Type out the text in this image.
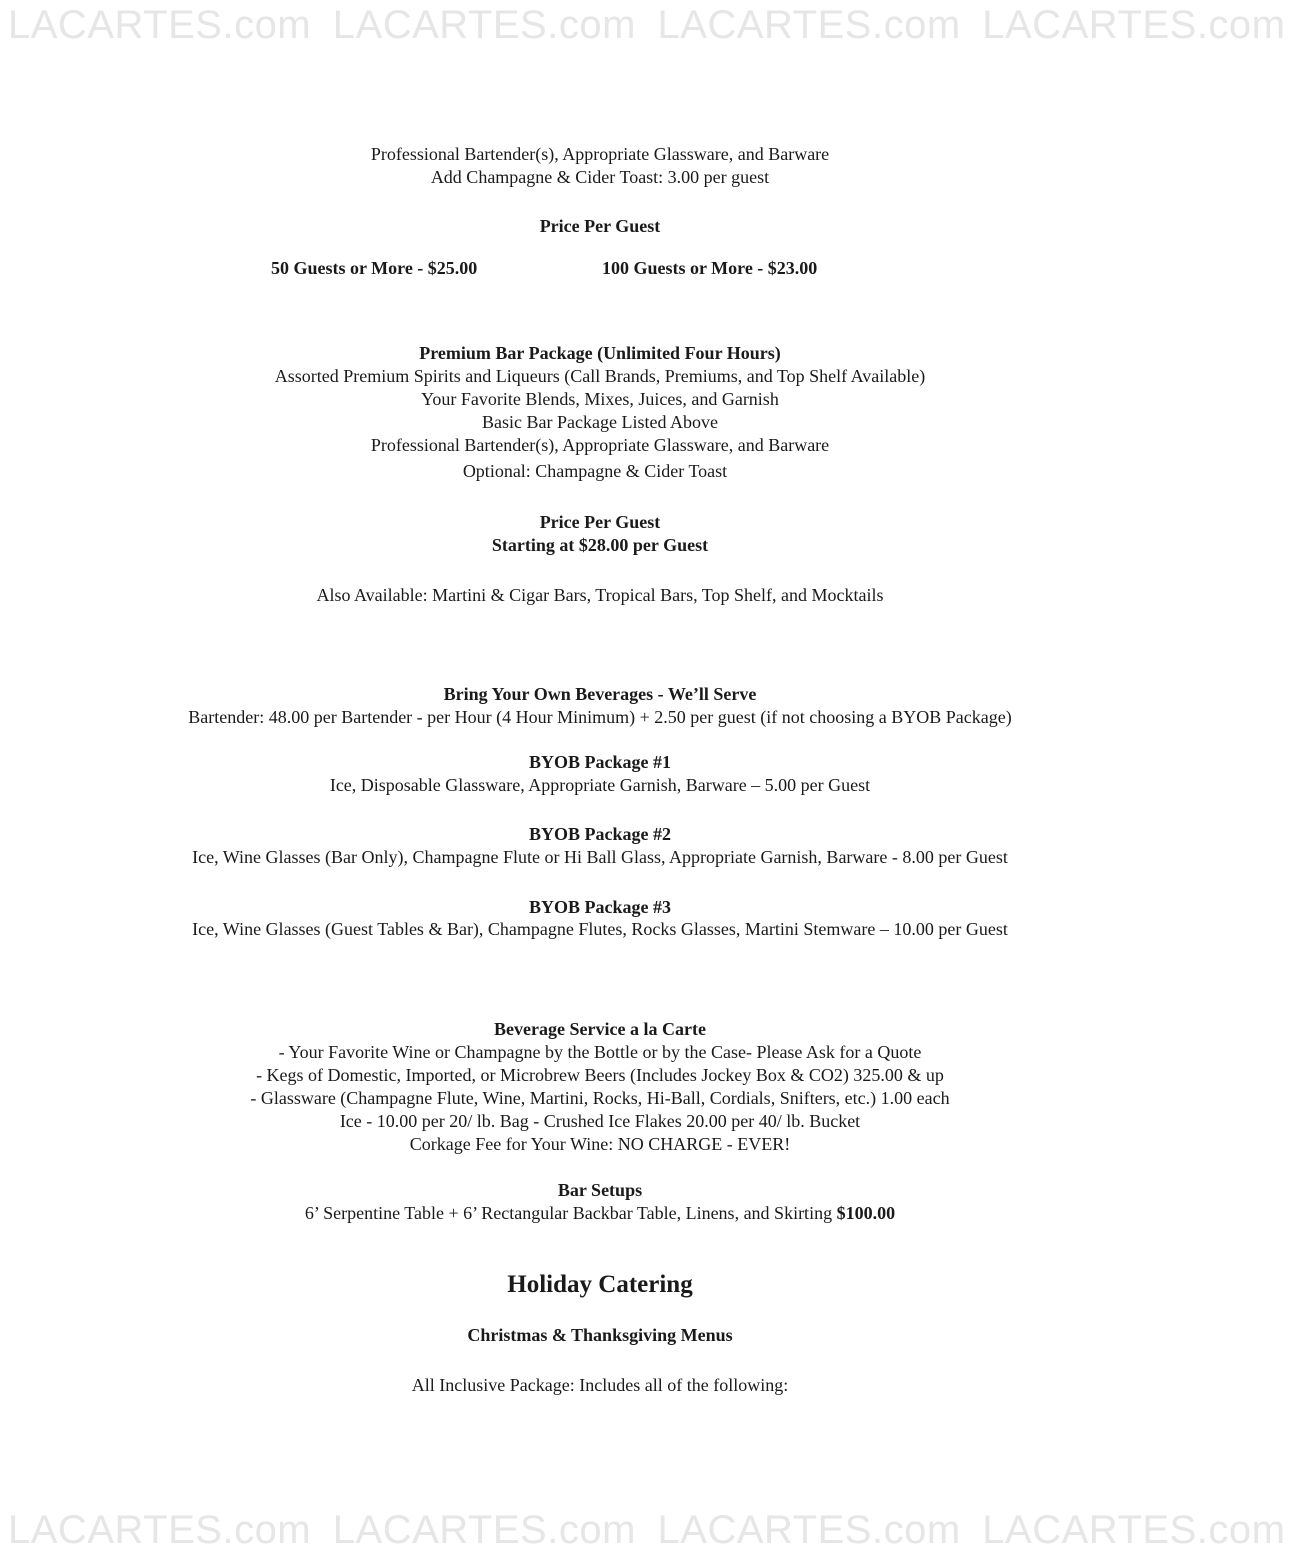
LACARTES.com LACARTES.com LACARTES.com LACARTES.com
Professional Bartender(s), Appropriate Glassware, and Barware
Add Champagne & Cider Toast: 3.00 per guest
Price Per Guest
50 Guests or More - $25.00	100 Guests or More - $23.00
Premium Bar Package (Unlimited Four Hours)
Assorted Premium Spirits and Liqueurs (Call Brands, Premiums, and Top Shelf Available)
Your Favorite Blends, Mixes, Juices, and Garnish
Basic Bar Package Listed Above
Professional Bartender(s), Appropriate Glassware, and Barware
Optional: Champagne & Cider Toast
Price Per Guest
Starting at $28.00 per Guest
Also Available: Martini & Cigar Bars, Tropical Bars, Top Shelf, and Mocktails
Bring Your Own Beverages - We’ll Serve
Bartender: 48.00 per Bartender - per Hour (4 Hour Minimum) + 2.50 per guest (if not choosing a BYOB Package)
BYOB Package #1
Ice, Disposable Glassware, Appropriate Garnish, Barware – 5.00 per Guest
BYOB Package #2
Ice, Wine Glasses (Bar Only), Champagne Flute or Hi Ball Glass, Appropriate Garnish, Barware - 8.00 per Guest
BYOB Package #3
Ice, Wine Glasses (Guest Tables & Bar), Champagne Flutes, Rocks Glasses, Martini Stemware – 10.00 per Guest
Beverage Service a la Carte
- Your Favorite Wine or Champagne by the Bottle or by the Case- Please Ask for a Quote
- Kegs of Domestic, Imported, or Microbrew Beers (Includes Jockey Box & CO2) 325.00 & up
- Glassware (Champagne Flute, Wine, Martini, Rocks, Hi-Ball, Cordials, Snifters, etc.) 1.00 each
Ice - 10.00 per 20/ lb. Bag - Crushed Ice Flakes 20.00 per 40/ lb. Bucket
Corkage Fee for Your Wine: NO CHARGE - EVER!
Bar Setups
6’ Serpentine Table + 6’ Rectangular Backbar Table, Linens, and Skirting $100.00
Holiday Catering
Christmas & Thanksgiving Menus
All Inclusive Package: Includes all of the following:
LACARTES.com LACARTES.com LACARTES.com LACARTES.com
